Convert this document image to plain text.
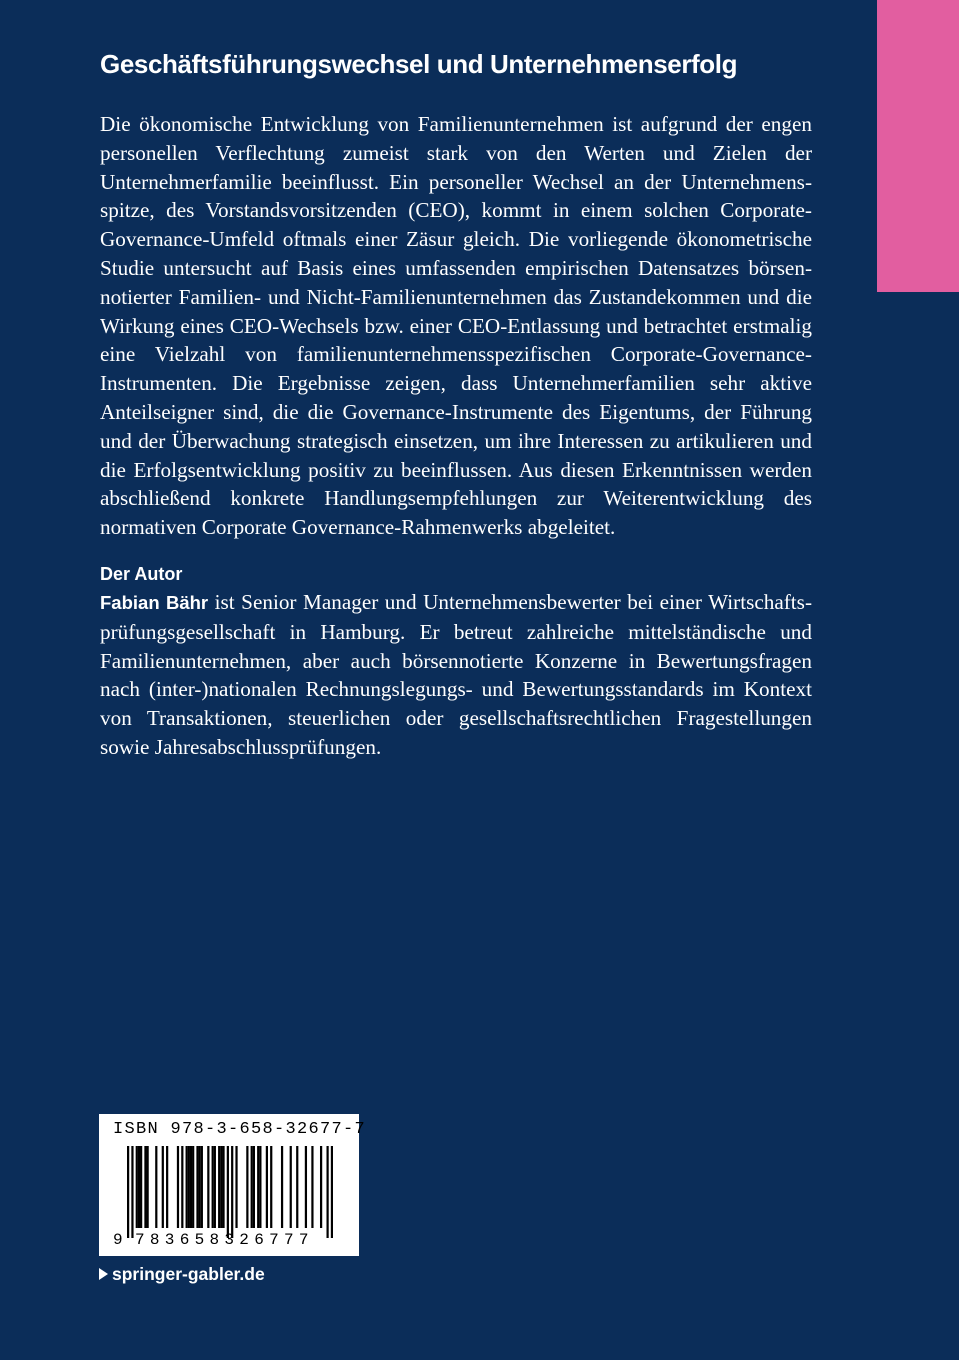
Geschäftsführungswechsel und Unternehmenserfolg

Die ökonomische Entwicklung von Familienunternehmen ist aufgrund der engen personellen Verflechtung zumeist stark von den Werten und Zielen der Unternehmerfamilie beeinflusst. Ein personeller Wechsel an der Unternehmensspitze, des Vorstandsvorsitzenden (CEO), kommt in einem solchen Corporate-Governance-Umfeld oftmals einer Zäsur gleich. Die vorliegende ökonometrische Studie untersucht auf Basis eines umfassenden empirischen Datensatzes börsennotierter Familien- und Nicht-Familienunternehmen das Zustandekommen und die Wirkung eines CEO-Wechsels bzw. einer CEO-Entlassung und betrachtet erstmalig eine Vielzahl von familienunternehmensspezifischen Corporate-Governance- Instrumenten. Die Ergebnisse zeigen, dass Unternehmerfamilien sehr aktive Anteilseigner sind, die die Governance-Instrumente des Eigentums, der Führung und der Überwachung strategisch einsetzen, um ihre Interessen zu artikulieren und die Erfolgsentwicklung positiv zu beeinflussen. Aus diesen Erkenntnissen werden abschließend konkrete Handlungsempfehlungen zur Weiterentwicklung des normativen Corporate Governance-Rahmenwerks abgeleitet.

Der Autor

Fabian Bähr ist Senior Manager und Unternehmensbewerter bei einer Wirtschaftsprüfungsgesellschaft in Hamburg. Er betreut zahlreiche mittelständische und Familienunternehmen, aber auch börsennotierte Konzerne in Bewertungsfragen nach (inter-)nationalen Rechnungslegungs- und Bewertungsstandards im Kontext von Transaktionen, steuerlichen oder gesellschaftsrechtlichen Fragestellungen sowie Jahresabschlussprüfungen.

ISBN 978-3-658-32677-7
9 783658326777
springer-gabler.de
